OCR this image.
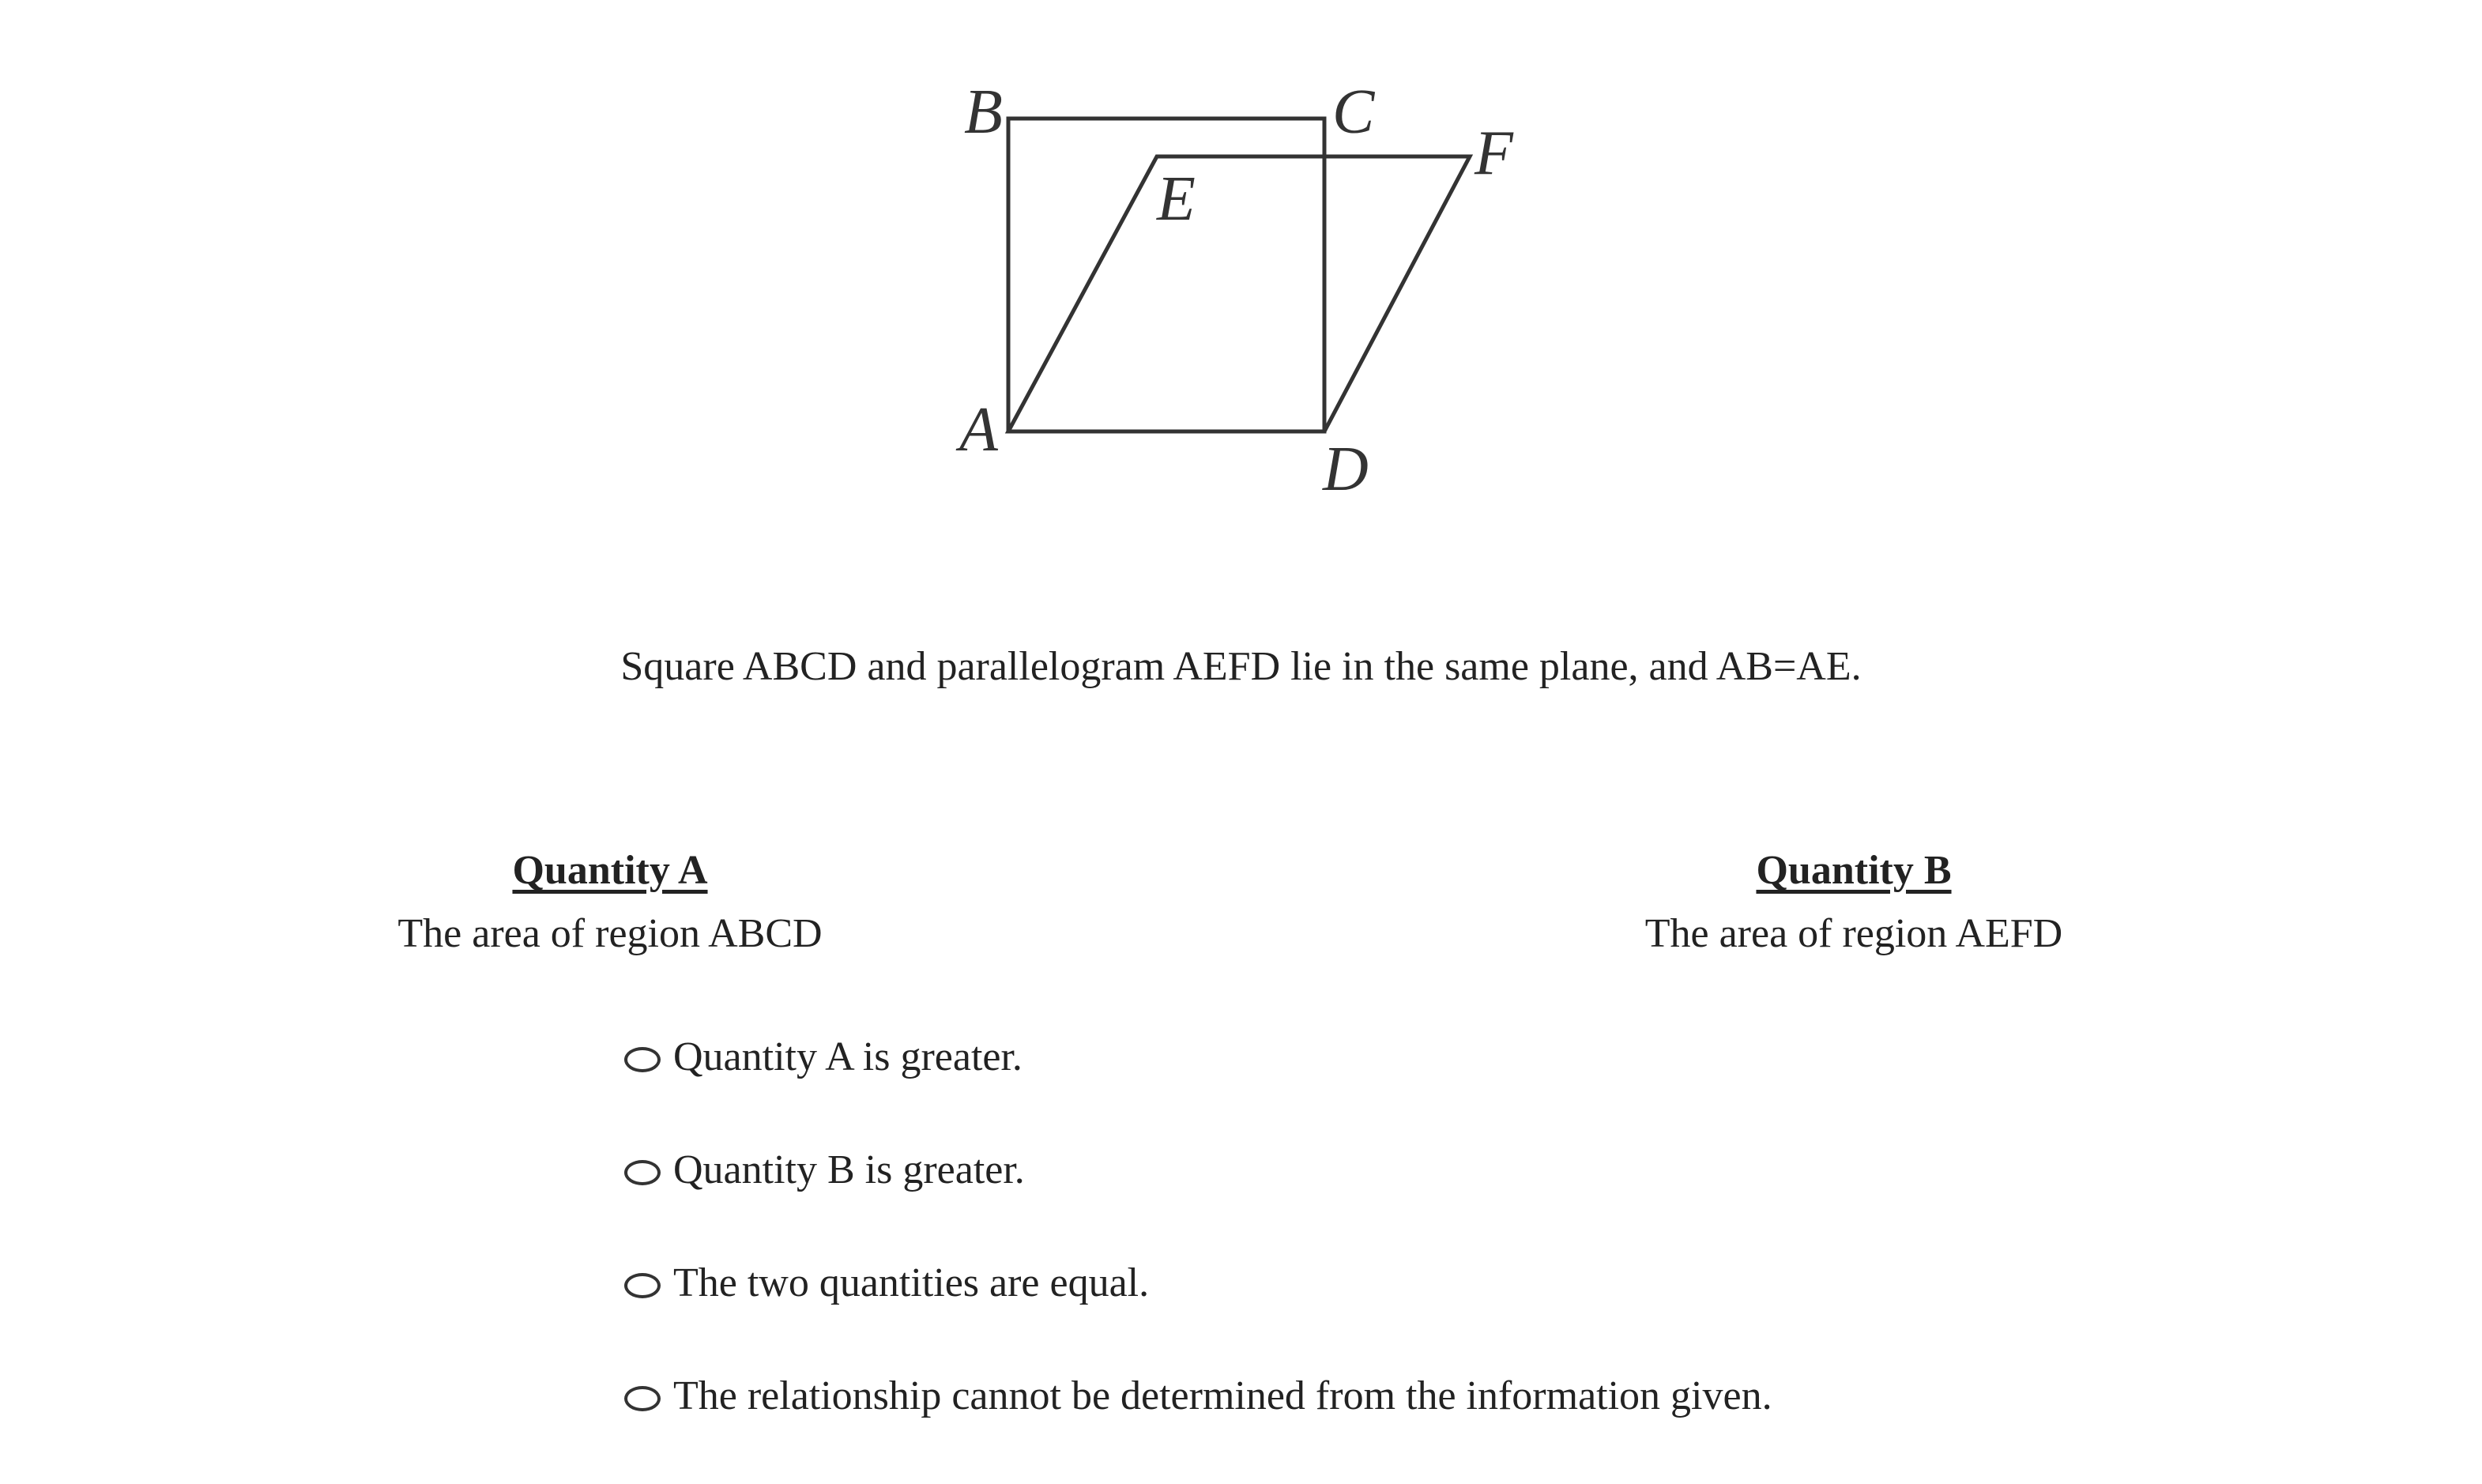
B	C
F
E
A
D
Square ABCD and parallelogram AEFD lie in the same plane, and AB=AE.
Quantity A
The area of region ABCD
Quantity B
The area of region AEFD
Quantity A is greater.
Quantity B is greater.
The two quantities are equal.
The relationship cannot be determined from the information given.
